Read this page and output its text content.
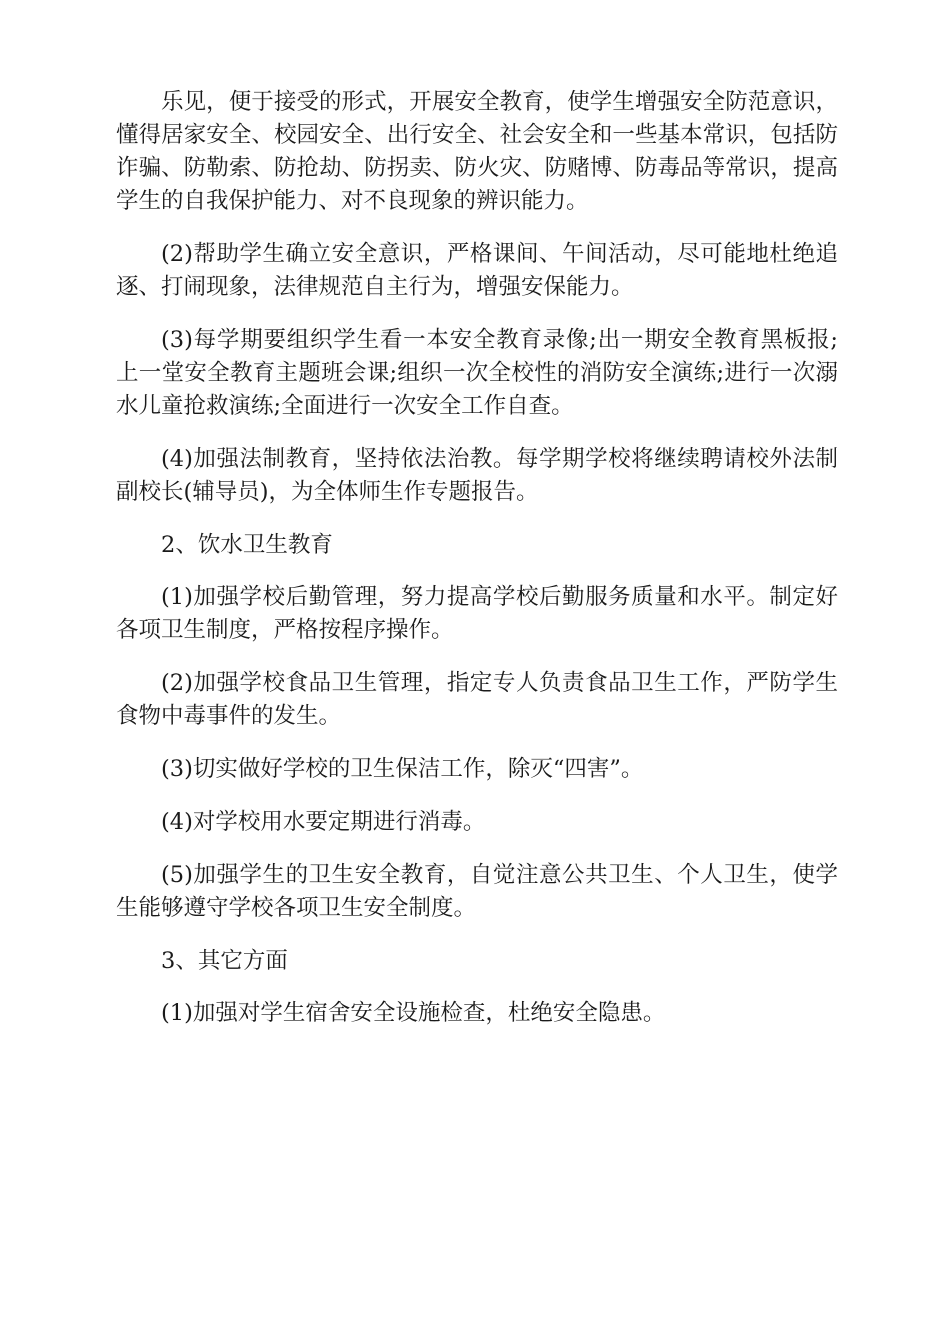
乐见，便于接受的形式，开展安全教育，使学生增强安全防范意识，懂得居家安全、校园安全、出行安全、社会安全和一些基本常识，包括防诈骗、防勒索、防抢劫、防拐卖、防火灾、防赌博、防毒品等常识，提高学生的自我保护能力、对不良现象的辨识能力。

(2)帮助学生确立安全意识，严格课间、午间活动，尽可能地杜绝追逐、打闹现象，法律规范自主行为，增强安保能力。

(3)每学期要组织学生看一本安全教育录像;出一期安全教育黑板报;上一堂安全教育主题班会课;组织一次全校性的消防安全演练;进行一次溺水儿童抢救演练;全面进行一次安全工作自查。

(4)加强法制教育，坚持依法治教。每学期学校将继续聘请校外法制副校长(辅导员)，为全体师生作专题报告。

2、饮水卫生教育

(1)加强学校后勤管理，努力提高学校后勤服务质量和水平。制定好各项卫生制度，严格按程序操作。

(2)加强学校食品卫生管理，指定专人负责食品卫生工作，严防学生食物中毒事件的发生。

(3)切实做好学校的卫生保洁工作，除灭“四害”。

(4)对学校用水要定期进行消毒。

(5)加强学生的卫生安全教育，自觉注意公共卫生、个人卫生，使学生能够遵守学校各项卫生安全制度。

3、其它方面

(1)加强对学生宿舍安全设施检查，杜绝安全隐患。
